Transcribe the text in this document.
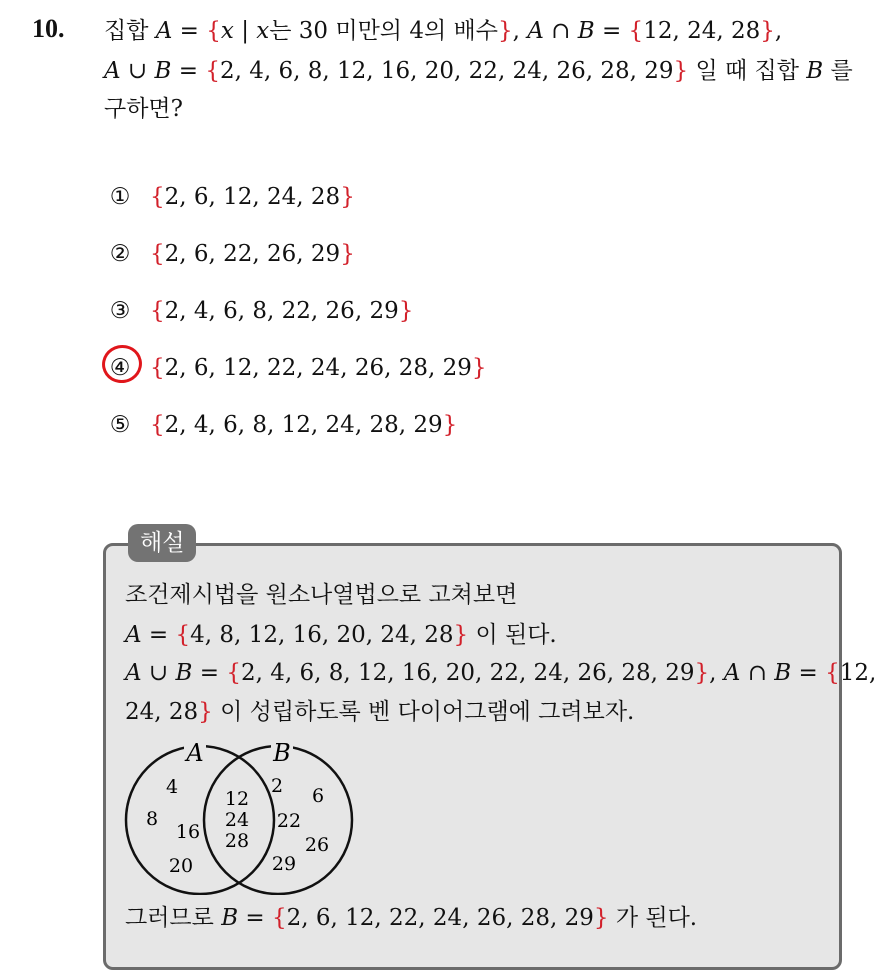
10. 집합 A = {x | x는 30 미만의 4의 배수}, A ∩ B = {12, 24, 28},
A ∪ B = {2, 4, 6, 8, 12, 16, 20, 22, 24, 26, 28, 29} 일 때 집합 B 를
구하면?
① {2, 6, 12, 24, 28}
② {2, 6, 22, 26, 29}
③ {2, 4, 6, 8, 22, 26, 29}
④ {2, 6, 12, 22, 24, 26, 28, 29}
⑤ {2, 4, 6, 8, 12, 24, 28, 29}
해설
조건제시법을 원소나열법으로 고쳐보면
A = {4, 8, 12, 16, 20, 24, 28} 이 된다.
A ∪ B = {2, 4, 6, 8, 12, 16, 20, 22, 24, 26, 28, 29}, A ∩ B = {12,
24, 28} 이 성립하도록 벤 다이어그램에 그려보자.
A	B
4
8
16
20
12
24
28
2 6
22
26
29
그러므로 B = {2, 6, 12, 22, 24, 26, 28, 29} 가 된다.
